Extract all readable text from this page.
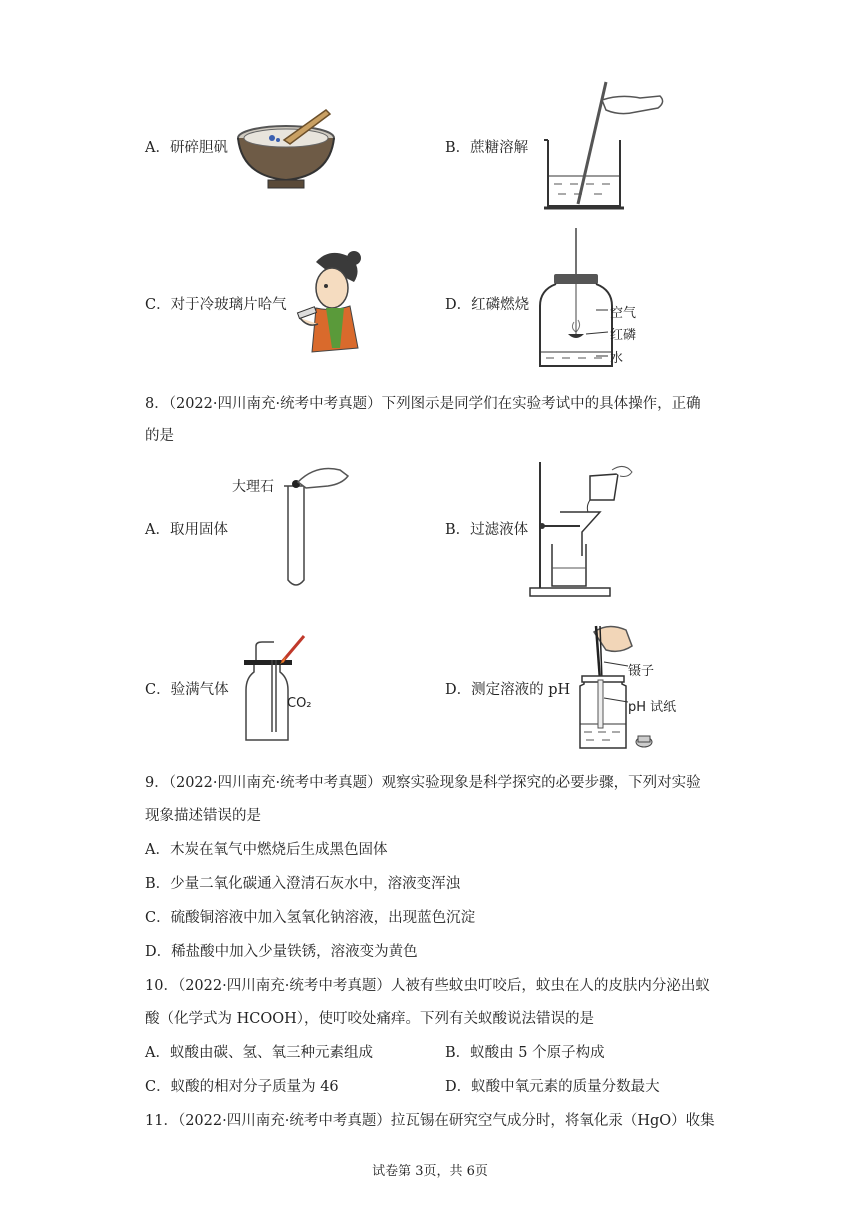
A．研碎胆矾	B．蔗糖溶解
C．对于冷玻璃片哈气	D．红磷燃烧
空气
红磷
水
8．（2022·四川南充·统考中考真题）下列图示是同学们在实验考试中的具体操作，正确
的是
A．取用固体
大理石
B．过滤液体
C．验满气体
CO₂
D．测定溶液的 pH
镊子
pH 试纸
9．（2022·四川南充·统考中考真题）观察实验现象是科学探究的必要步骤，下列对实验
现象描述错误的是
A．木炭在氧气中燃烧后生成黑色固体
B．少量二氧化碳通入澄清石灰水中，溶液变浑浊
C．硫酸铜溶液中加入氢氧化钠溶液，出现蓝色沉淀
D．稀盐酸中加入少量铁锈，溶液变为黄色
10．（2022·四川南充·统考中考真题）人被有些蚊虫叮咬后，蚊虫在人的皮肤内分泌出蚁
酸（化学式为 HCOOH），使叮咬处痛痒。下列有关蚁酸说法错误的是
A．蚁酸由碳、氢、氧三种元素组成	B．蚁酸由 5 个原子构成
C．蚁酸的相对分子质量为 46	D．蚁酸中氧元素的质量分数最大
11．（2022·四川南充·统考中考真题）拉瓦锡在研究空气成分时，将氧化汞（HgO）收集
试卷第 3页，共 6页
